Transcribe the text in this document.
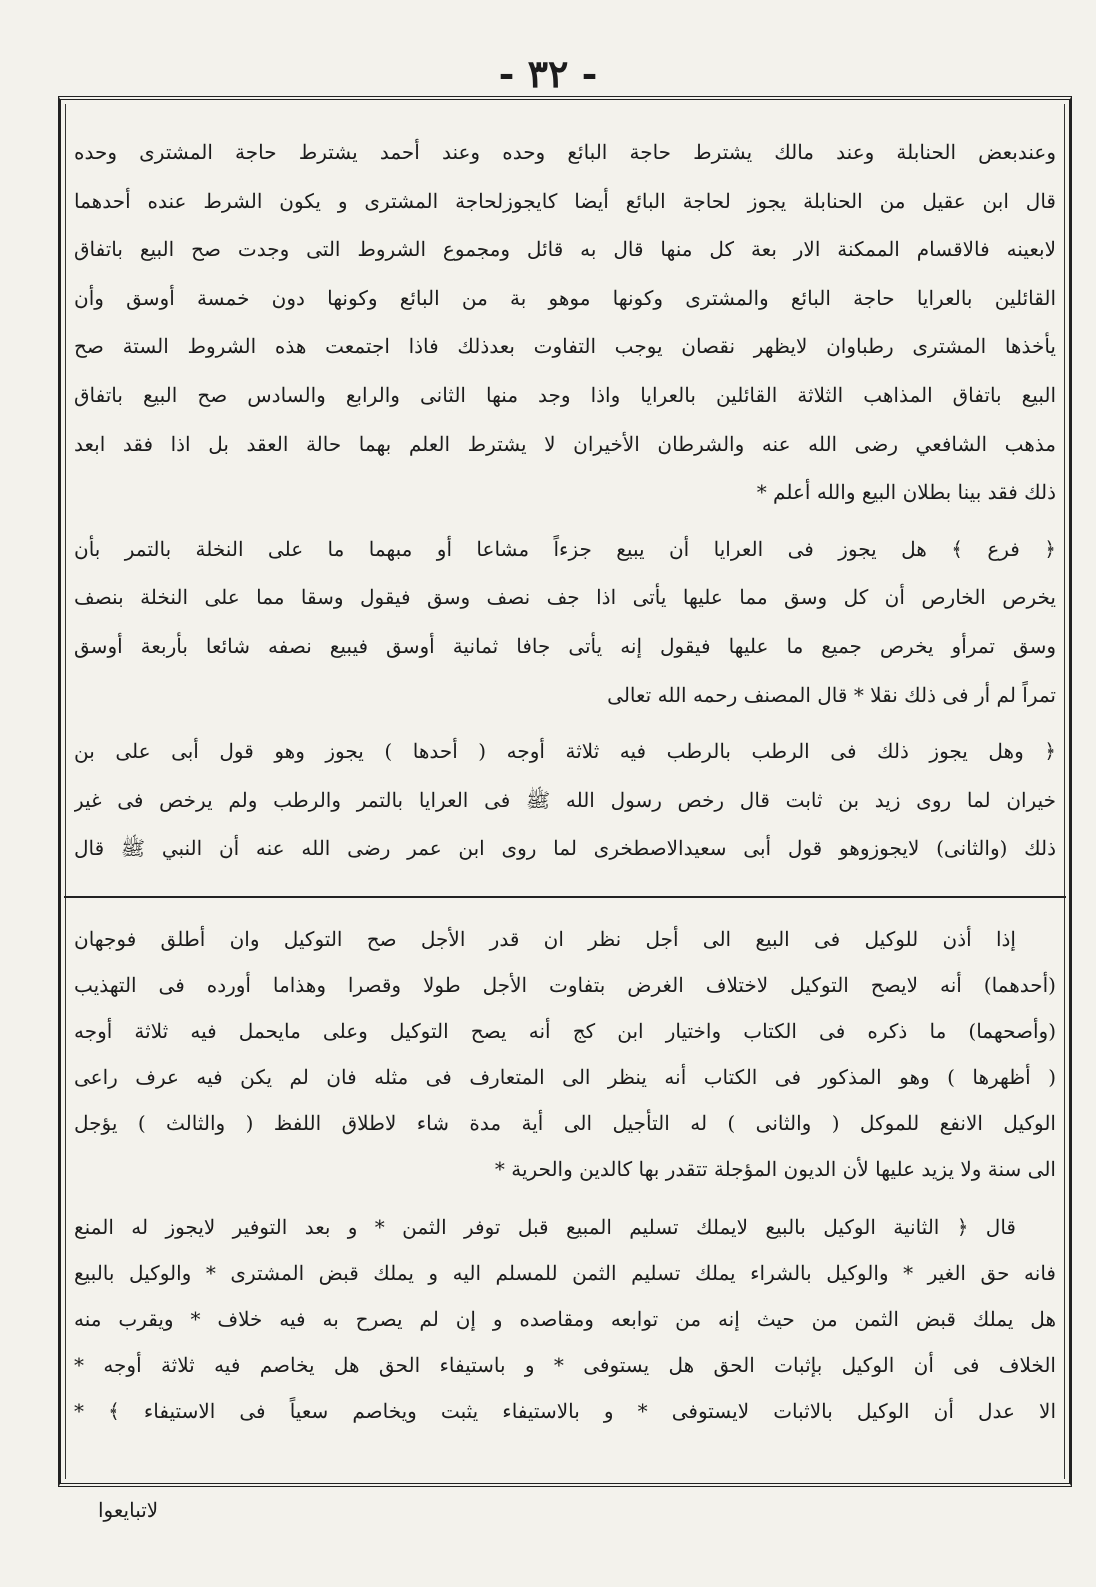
- ٣٢ -

وعندبعض الحنابلة وعند مالك يشترط حاجة البائع وحده وعند أحمد يشترط حاجة المشترى وحده
قال ابن عقيل من الحنابلة يجوز لحاجة البائع أيضا كايجوزلحاجة المشترى و يكون الشرط عنده أحدهما
لابعينه فالاقسام الممكنة الار بعة كل منها قال به قائل ومجموع الشروط التى وجدت صح البيع باتفاق
القائلين بالعرايا حاجة البائع والمشترى وكونها موهو بة من البائع وكونها دون خمسة أوسق وأن
يأخذها المشترى رطباوان لايظهر نقصان يوجب التفاوت بعدذلك فاذا اجتمعت هذه الشروط الستة صح
البيع باتفاق المذاهب الثلاثة القائلين بالعرايا واذا وجد منها الثانى والرابع والسادس صح البيع باتفاق
مذهب الشافعي رضى الله عنه والشرطان الأخيران لا يشترط العلم بهما حالة العقد بل اذا فقد ابعد
ذلك فقد بينا بطلان البيع والله أعلم *

﴿ فرع ﴾ هل يجوز فى العرايا أن يبيع جزءاً مشاعا أو مبهما ما على النخلة بالتمر بأن
يخرص الخارص أن كل وسق مما عليها يأتى اذا جف نصف وسق فيقول وسقا مما على النخلة بنصف
وسق تمرأو يخرص جميع ما عليها فيقول إنه يأتى جافا ثمانية أوسق فيبيع نصفه شائعا بأربعة أوسق
تمراً لم أر فى ذلك نقلا * قال المصنف رحمه الله تعالى

﴿ وهل يجوز ذلك فى الرطب بالرطب فيه ثلاثة أوجه ( أحدها ) يجوز وهو قول أبى على بن
خيران لما روى زيد بن ثابت قال رخص رسول الله ﷺ فى العرايا بالتمر والرطب ولم يرخص فى غير
ذلك (والثانى) لايجوزوهو قول أبى سعيدالاصطخرى لما روى ابن عمر رضى الله عنه أن النبي ﷺ قال

إذا أذن للوكيل فى البيع الى أجل نظر ان قدر الأجل صح التوكيل وان أطلق فوجهان
(أحدهما) أنه لايصح التوكيل لاختلاف الغرض بتفاوت الأجل طولا وقصرا وهذاما أورده فى التهذيب
(وأصحهما) ما ذكره فى الكتاب واختيار ابن كج أنه يصح التوكيل وعلى مايحمل فيه ثلاثة أوجه
( أظهرها ) وهو المذكور فى الكتاب أنه ينظر الى المتعارف فى مثله فان لم يكن فيه عرف راعى
الوكيل الانفع للموكل ( والثانى ) له التأجيل الى أية مدة شاء لاطلاق اللفظ ( والثالث ) يؤجل
الى سنة ولا يزيد عليها لأن الديون المؤجلة تتقدر بها كالدين والحرية *

قال ﴿ الثانية الوكيل بالبيع لايملك تسليم المبيع قبل توفر الثمن * و بعد التوفير لايجوز له المنع
فانه حق الغير * والوكيل بالشراء يملك تسليم الثمن للمسلم اليه و يملك قبض المشترى * والوكيل بالبيع
هل يملك قبض الثمن من حيث إنه من توابعه ومقاصده و إن لم يصرح به فيه خلاف * ويقرب منه
الخلاف فى أن الوكيل بإثبات الحق هل يستوفى * و باستيفاء الحق هل يخاصم فيه ثلاثة أوجه *
الا عدل أن الوكيل بالاثبات لايستوفى * و بالاستيفاء يثبت ويخاصم سعياً فى الاستيفاء ﴾ *

لاتبايعوا
